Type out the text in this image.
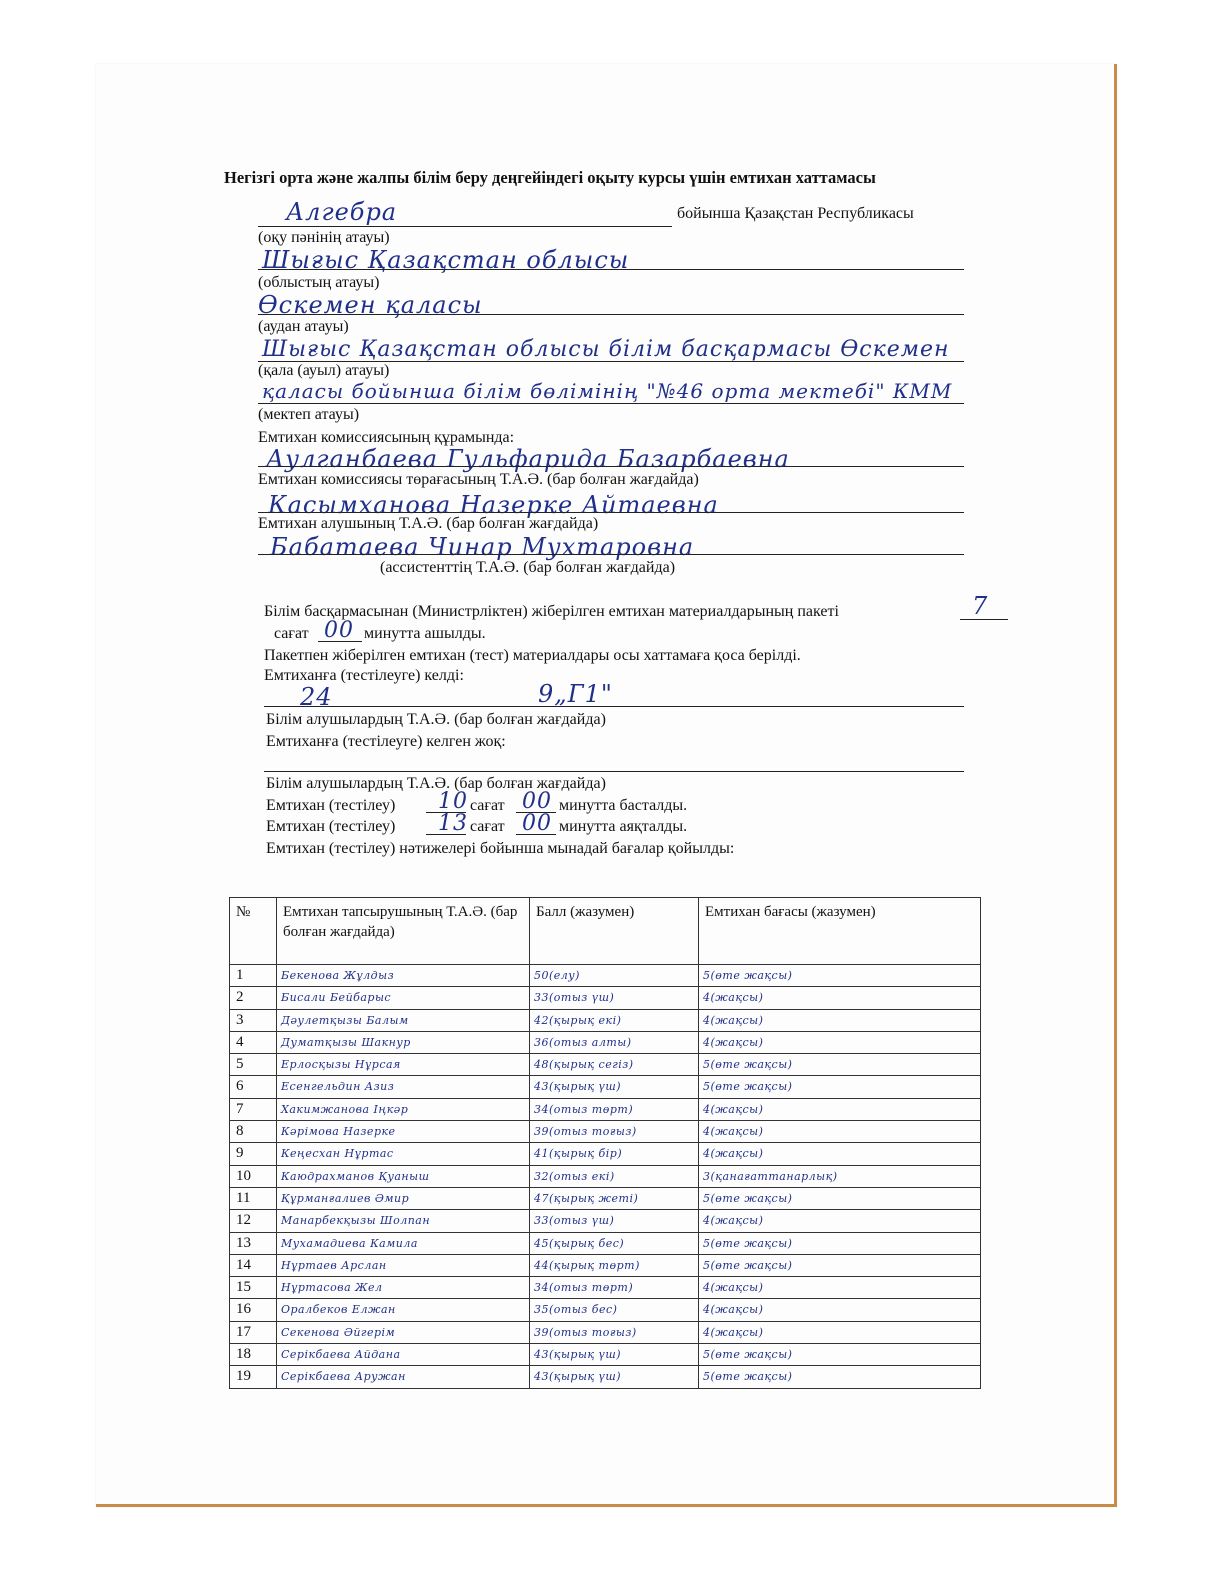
Негізгі орта және жалпы білім беру деңгейіндегі оқыту курсы үшін емтихан хаттамасы
Алгебра	бойынша Қазақстан Республикасы
(оқу пәнінің атауы)
Шығыс Қазақстан облысы
(облыстың атауы)
Өскемен қаласы
(аудан атауы)
Шығыс Қазақстан облысы білім басқармасы Өскемен
(қала (ауыл) атауы)
қаласы бойынша білім бөлімінің "№46 орта мектебі" КММ
(мектеп атауы)
Емтихан комиссиясының құрамында:
Аулганбаева Гульфарида Базарбаевна
Емтихан комиссиясы төрағасының Т.А.Ә. (бар болған жағдайда)
Касымханова Назерке Айтаевна
Емтихан алушының Т.А.Ә. (бар болған жағдайда)
Бабатаева Чинар Мухтаровна
(ассистенттің Т.А.Ә. (бар болған жағдайда)
Білім басқармасынан (Министрліктен) жіберілген емтихан материалдарының пакеті	7
сағат 00 минутта ашылды.
Пакетпен жіберілген емтихан (тест) материалдары осы хаттамаға қоса берілді.
Емтиханға (тестілеуге) келді:
24	9„Г1"
Білім алушылардың Т.А.Ә. (бар болған жағдайда)
Емтиханға (тестілеуге) келген жоқ:
Білім алушылардың Т.А.Ә. (бар болған жағдайда)
Емтихан (тестілеу) 10 сағат 00 минутта басталды.
Емтихан (тестілеу) 13 сағат 00 минутта аяқталды.
Емтихан (тестілеу) нәтижелері бойынша мынадай бағалар қойылды:
№	Емтихан тапсырушының Т.А.Ә. (бар болған жағдайда)	Балл (жазумен)	Емтихан бағасы (жазумен)
1	Бекенова Жұлдыз	50(елу)	5(өте жақсы)

2	Бисали Бейбарыс	33(отыз үш)	4(жақсы)

3	Дәулетқызы Балым	42(қырық екі)	4(жақсы)

4	Думатқызы Шакнур	36(отыз алты)	4(жақсы)

5	Ерлосқызы Нұрсая	48(қырық сегіз)	5(өте жақсы)

6	Есенгельдин Азиз	43(қырық үш)	5(өте жақсы)

7	Хакимжанова Іңкәр	34(отыз төрт)	4(жақсы)

8	Кәрімова Назерке	39(отыз тоғыз)	4(жақсы)

9	Кеңесхан Нұртас	41(қырық бір)	4(жақсы)

10	Каюдрахманов Қуаныш	32(отыз екі)	3(қанағаттанарлық)

11	Құрманғалиев Әмир	47(қырық жеті)	5(өте жақсы)

12	Манарбекқызы Шолпан	33(отыз үш)	4(жақсы)

13	Мухамадиева Камила	45(қырық бес)	5(өте жақсы)

14	Нұртаев Арслан	44(қырық төрт)	5(өте жақсы)

15	Нұртасова Жел	34(отыз төрт)	4(жақсы)

16	Оралбеков Елжан	35(отыз бес)	4(жақсы)

17	Секенова Әйгерім	39(отыз тоғыз)	4(жақсы)

18	Серікбаева Айдана	43(қырық үш)	5(өте жақсы)

19	Серікбаева Аружан	43(қырық үш)	5(өте жақсы)
